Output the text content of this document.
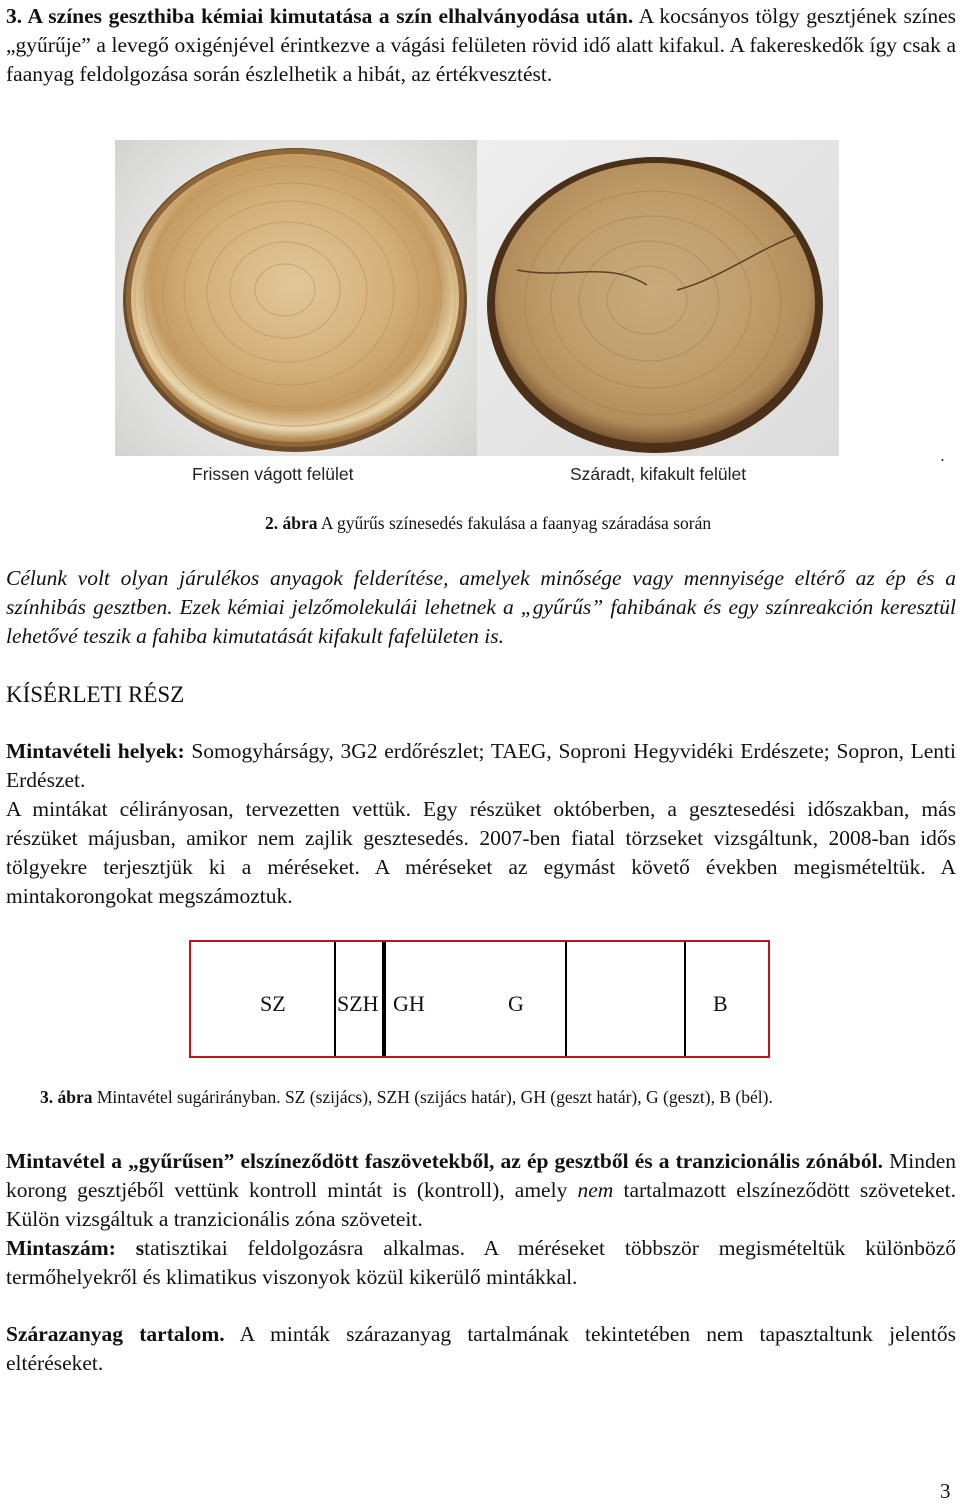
3. A színes geszthiba kémiai kimutatása a szín elhalványodása után. A kocsányos tölgy gesztjének színes „gyűrűje” a levegő oxigénjével érintkezve a vágási felületen rövid idő alatt kifakul. A fakereskedők így csak a faanyag feldolgozása során észlelhetik a hibát, az értékvesztést.
Frissen vágott felület	Száradt, kifakult felület
.
2. ábra A gyűrűs színesedés fakulása a faanyag száradása során
Célunk volt olyan járulékos anyagok felderítése, amelyek minősége vagy mennyisége eltérő az ép és a színhibás gesztben. Ezek kémiai jelzőmolekulái lehetnek a „gyűrűs” fahibának és egy színreakción keresztül lehetővé teszik a fahiba kimutatását kifakult fafelületen is.
KÍSÉRLETI RÉSZ
Mintavételi helyek: Somogyhárságy, 3G2 erdőrészlet; TAEG, Soproni Hegyvidéki Erdészete; Sopron, Lenti Erdészet.
A mintákat célirányosan, tervezetten vettük. Egy részüket októberben, a gesztesedési időszakban, más részüket májusban, amikor nem zajlik gesztesedés. 2007-ben fiatal törzseket vizsgáltunk, 2008-ban idős tölgyekre terjesztjük ki a méréseket. A méréseket az egymást követő években megismételtük. A mintakorongokat megszámoztuk.
SZ SZH GH	G	B
3. ábra Mintavétel sugárirányban. SZ (szijács), SZH (szijács határ), GH (geszt határ), G (geszt), B (bél).
Mintavétel a „gyűrűsen” elszíneződött faszövetekből, az ép gesztből és a tranzicionális zónából. Minden korong gesztjéből vettünk kontroll mintát is (kontroll), amely nem tartalmazott elszíneződött szöveteket. Külön vizsgáltuk a tranzicionális zóna szöveteit.
Mintaszám: statisztikai feldolgozásra alkalmas. A méréseket többször megismételtük különböző termőhelyekről és klimatikus viszonyok közül kikerülő mintákkal.
Szárazanyag tartalom. A minták szárazanyag tartalmának tekintetében nem tapasztaltunk jelentős eltéréseket.
3
